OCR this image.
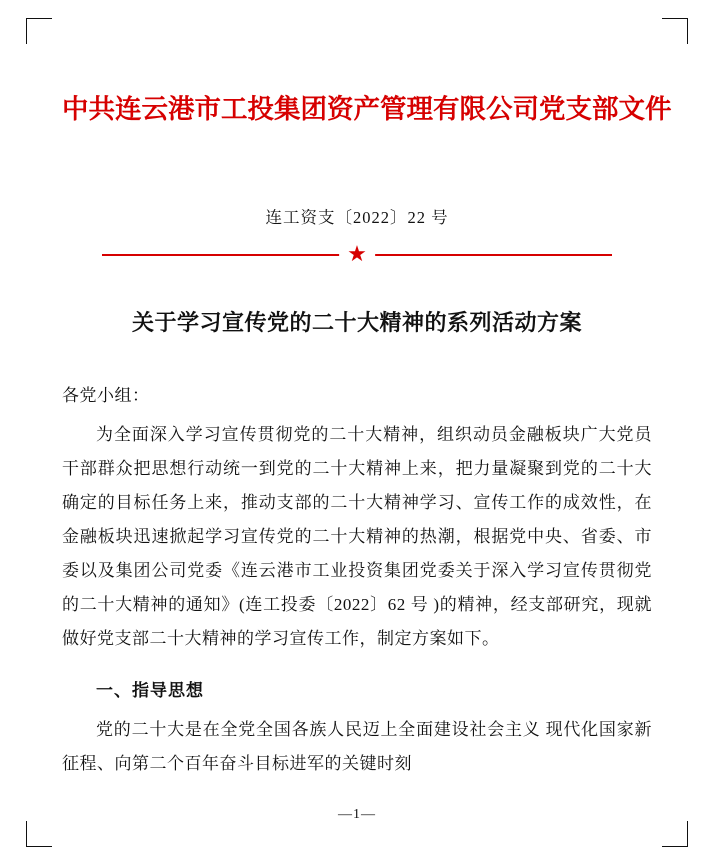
中共连云港市工投集团资产管理有限公司党支部文件
连工资支〔2022〕22 号
★
关于学习宣传党的二十大精神的系列活动方案
各党小组：

为全面深入学习宣传贯彻党的二十大精神，组织动员金融板块广大党员干部群众把思想行动统一到党的二十大精神上来，把力量凝聚到党的二十大确定的目标任务上来，推动支部的二十大精神学习、宣传工作的成效性，在金融板块迅速掀起学习宣传党的二十大精神的热潮，根据党中央、省委、市委以及集团公司党委《连云港市工业投资集团党委关于深入学习宣传贯彻党的二十大精神的通知》(连工投委〔2022〕62 号 )的精神，经支部研究，现就做好党支部二十大精神的学习宣传工作，制定方案如下。

一、指导思想

党的二十大是在全党全国各族人民迈上全面建设社会主义 现代化国家新征程、向第二个百年奋斗目标进军的关键时刻

—1—
